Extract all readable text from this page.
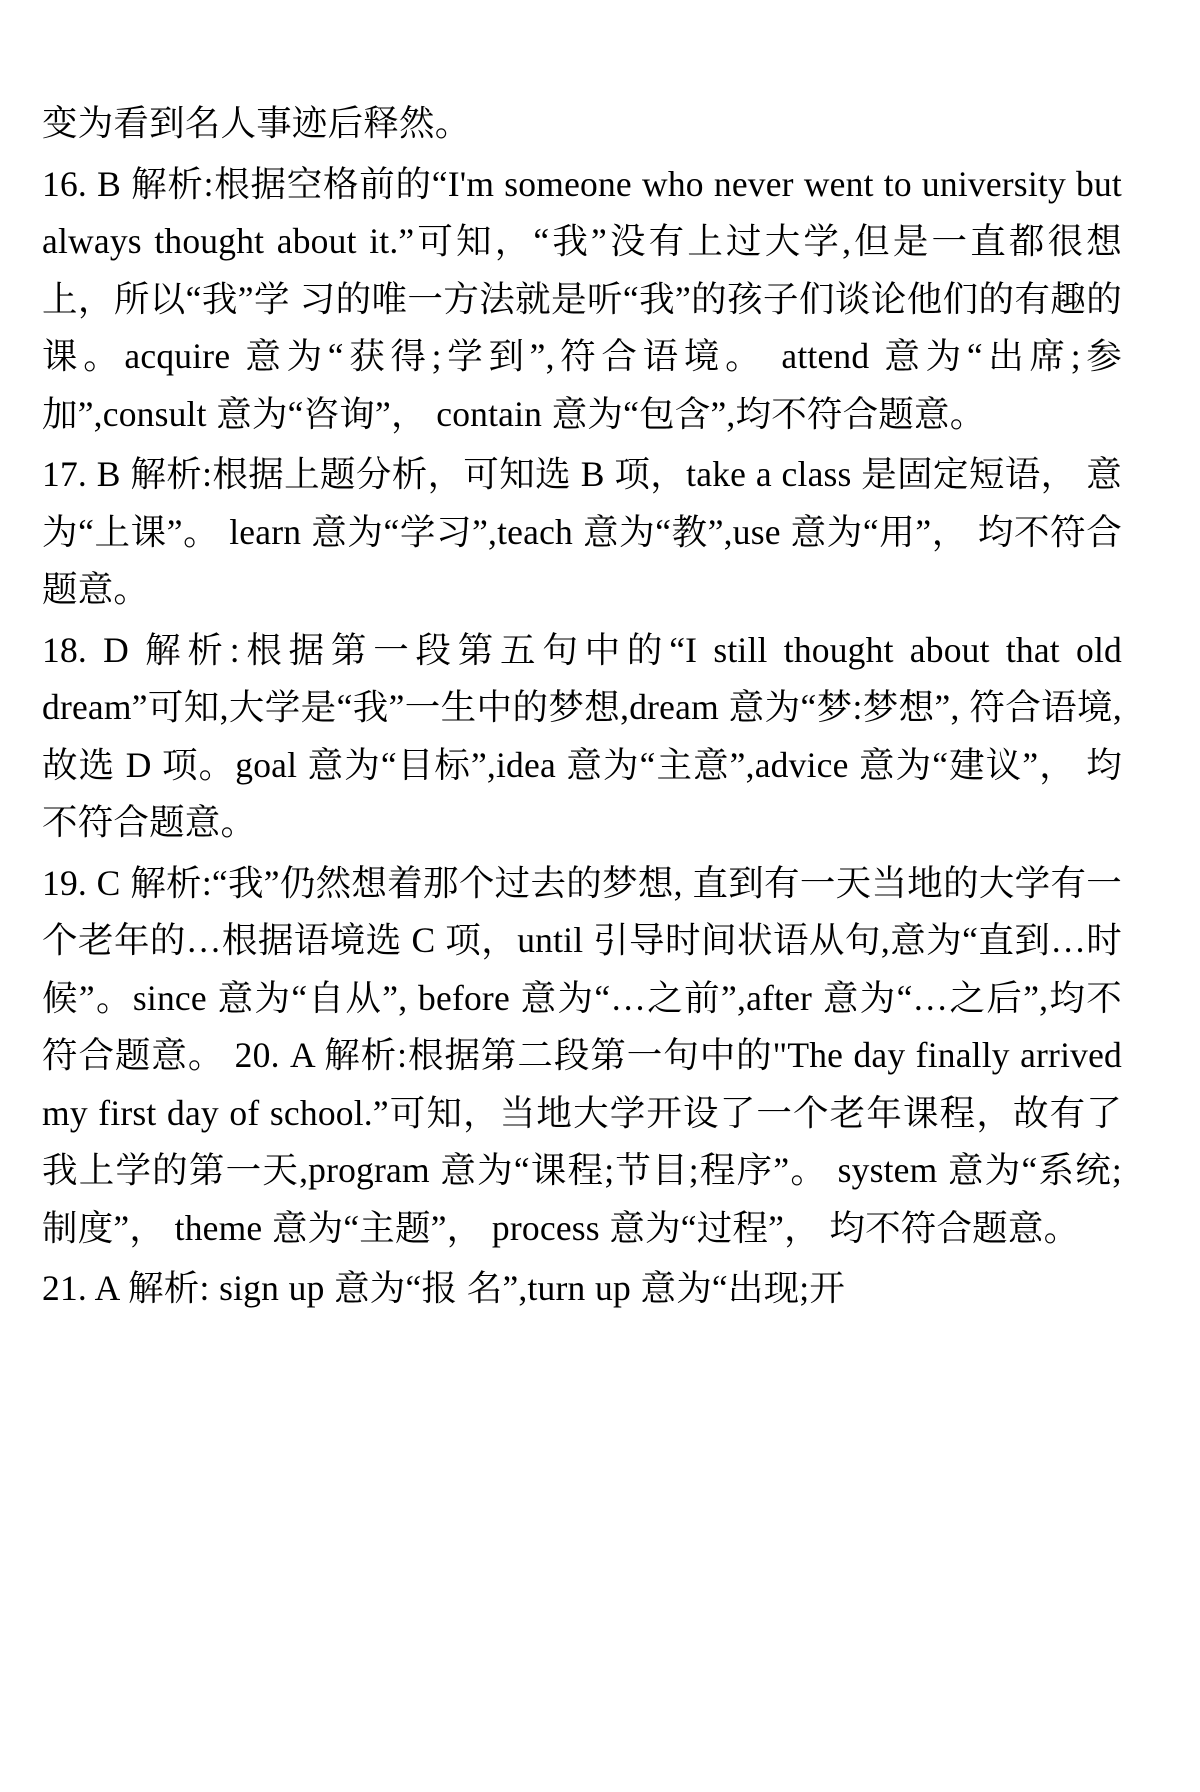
变为看到名人事迹后释然。

16. B 解析:根据空格前的“I'm someone who never went to university but always thought about it.”可知，“我”没有上过大学,但是一直都很想 上，所以“我”学 习的唯一方法就是听“我”的孩子们谈论他们的有趣的课。acquire 意为“获得;学到”,符合语境。 attend 意为“出席;参加”,consult 意为“咨询”， contain 意为“包含”,均不符合题意。

17. B 解析:根据上题分析，可知选 B 项，take a class 是固定短语， 意为“上课”。 learn 意为“学习”,teach 意为“教”,use 意为“用”， 均不符合题意。

18. D 解析:根据第一段第五句中的“I still thought about that old dream”可知,大学是“我”一生中的梦想,dream 意为“梦:梦想”, 符合语境, 故选 D 项。goal 意为“目标”,idea 意为“主意”,advice 意为“建议”， 均不符合题意。

19. C 解析:“我”仍然想着那个过去的梦想, 直到有一天当地的大学有一个老年的…根据语境选 C 项，until 引导时间状语从句,意为“直到…时候”。since 意为“自从”, before 意为“…之前”,after 意为“…之后”,均不符合题意。 20. A 解析:根据第二段第一句中的"The day finally arrived my first day of school.”可知，当地大学开设了一个老年课程，故有了我上学的第一天,program 意为“课程;节目;程序”。 system 意为“系统;制度”， theme 意为“主题”， process 意为“过程”， 均不符合题意。

21. A 解析: sign up 意为“报 名”,turn up 意为“出现;开
